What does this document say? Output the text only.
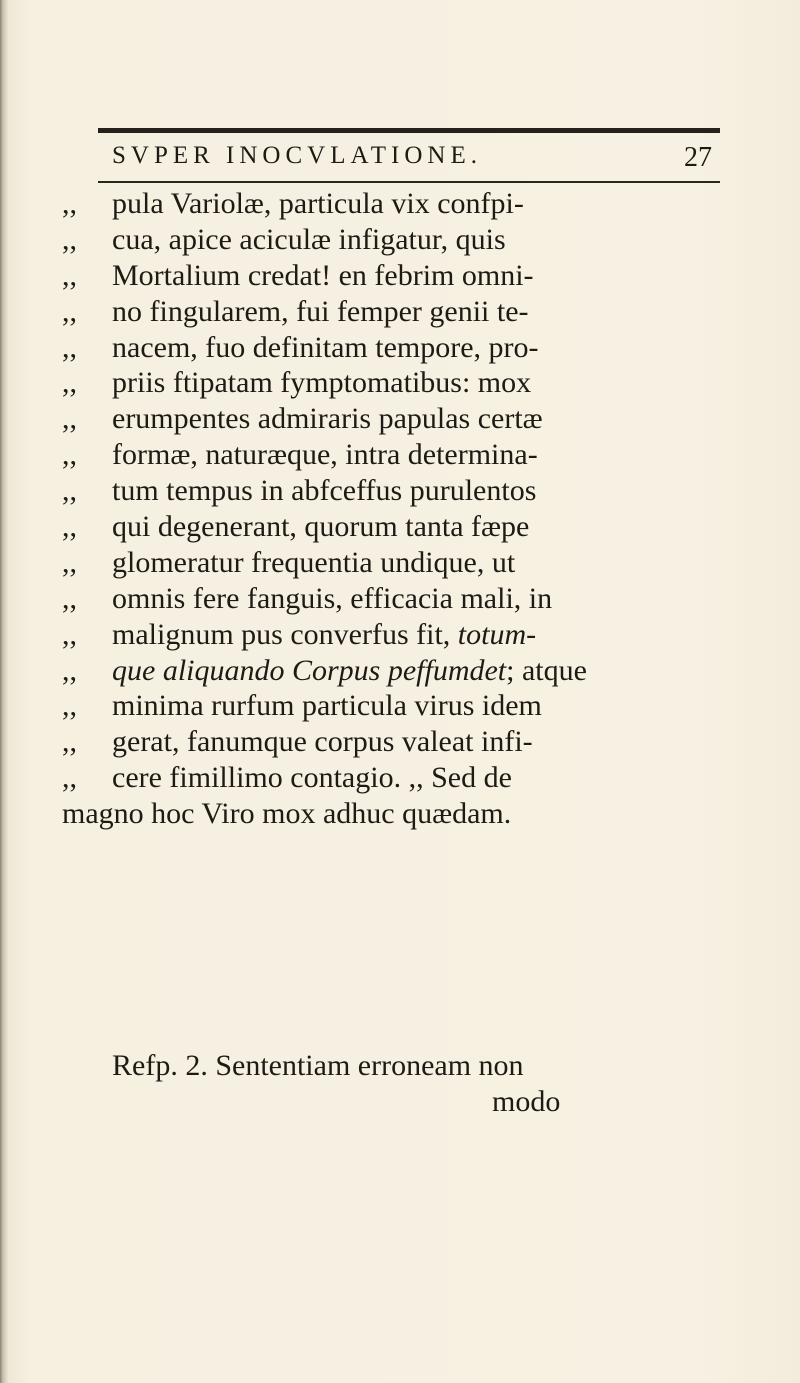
SVPER INOCVLATIONE.	27
,, pula Variolæ, particula vix confpi-
,, cua, apice aciculæ infigatur, quis
,, Mortalium credat! en febrim omni-
,, no fingularem, fui femper genii te-
,, nacem, fuo definitam tempore, pro-
,, priis ftipatam fymptomatibus: mox
,, erumpentes admiraris papulas certæ
,, formæ, naturæque, intra determina-
,, tum tempus in abfceffus purulentos
,, qui degenerant, quorum tanta fæpe
,, glomeratur frequentia undique, ut
,, omnis fere fanguis, efficacia mali, in
,, malignum pus converfus fit, totum-
,, que aliquando Corpus peffumdet; atque
,, minima rurfum particula virus idem
,, gerat, fanumque corpus valeat infi-
,, cere fimillimo contagio. ,, Sed de
magno hoc Viro mox adhuc quædam.
Refp. 2. Sententiam erroneam non
modo
